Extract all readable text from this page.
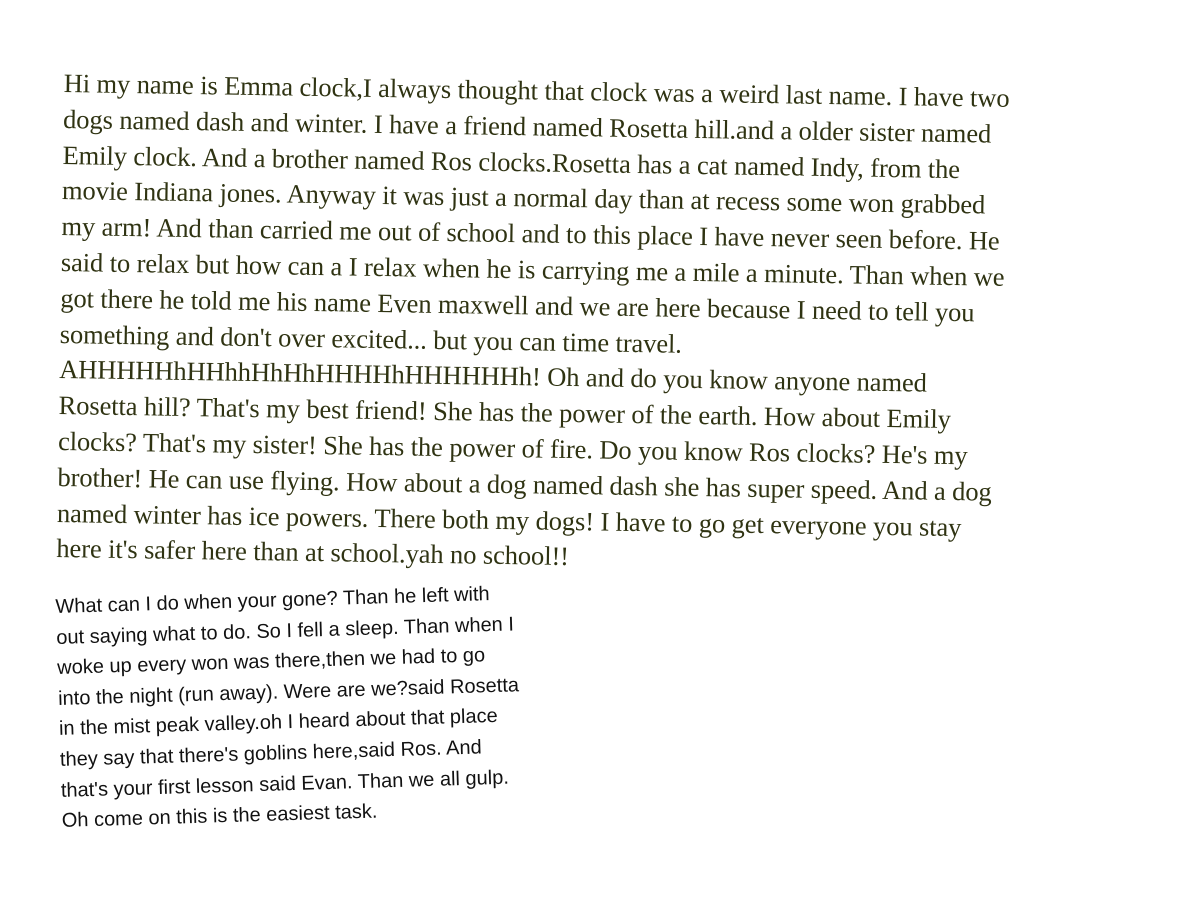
Hi my name is Emma clock,I always thought that clock was a weird last name. I have two
dogs named dash and winter. I have a friend named Rosetta hill.and a older sister named
Emily clock. And a brother named Ros clocks.Rosetta has a cat named Indy, from the
movie Indiana jones. Anyway it was just a normal day than at recess some won grabbed
my arm! And than carried me out of school and to this place I have never seen before. He
said to relax but how can a I relax when he is carrying me a mile a minute. Than when we
got there he told me his name Even maxwell and we are here because I need to tell you
something and don't over excited... but you can time travel.
AHHHHHhHHhhHhHhHHHHhHHHHHHh! Oh and do you know anyone named
Rosetta hill? That's my best friend! She has the power of the earth. How about Emily
clocks? That's my sister! She has the power of fire. Do you know Ros clocks? He's my
brother! He can use flying. How about a dog named dash she has super speed. And a dog
named winter has ice powers. There both my dogs! I have to go get everyone you stay
here it's safer here than at school.yah no school!!
What can I do when your gone? Than he left with
out saying what to do. So I fell a sleep. Than when I
woke up every won was there,then we had to go
into the night (run away). Were are we?said Rosetta
in the mist peak valley.oh I heard about that place
they say that there's goblins here,said Ros. And
that's your first lesson said Evan. Than we all gulp.
Oh come on this is the easiest task.
